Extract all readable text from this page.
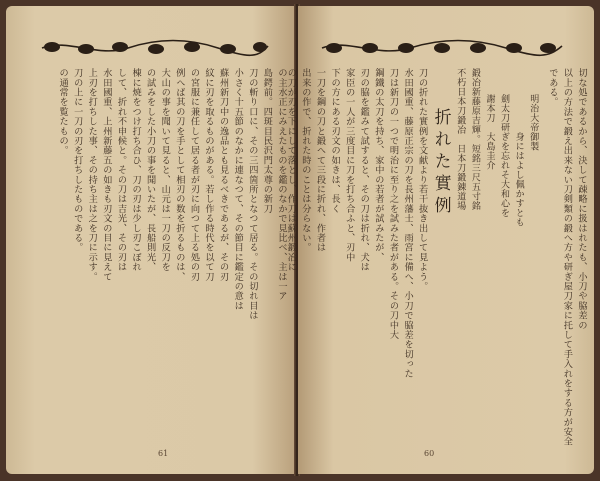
の主水正にみえたものを鑑のなかで見比べ、主は一ア
島鍔前。四斑目民沢門太尊の新刀
刀の斬り口に、その三四箇所となつて居る。その切れ目は
小さく十五節のなかに連なつて、その節目に鑑定の意は
蘇州新刀中の逸品とも見るべきであるが、その刃
紋に刃を取るものがある。若し作る時代を以て刀
の宮服に兼任して居る者が刃に向つて上る処の刃
例へば其の刀を手として相刃の数を折るものは、
大山の事を聞いて見ると、山元は一刀の反刀を
の試みをした小刀の事を聞いたが、長船則光、
棟に焼をつけ打ち合ひ、刀の刃は少し刃こぼれ
して、折れ不申候と。その刀は吉光、その刃は
水田國重、上州新藤五の如きも刃文の目に見えて
上刃を打ちした事、その持ち主は之を刀に示す。
刀の上に一刀の刃を打ちしたものである。
の通常を覧たもの。
61
切な処であるから、決して疎略に扱はれたも、小刀や脇差の
以上の方法で鍛え出来ない刀剣類の鍛へ方や研ぎ屋刀家に托して手入れをする方が安全
である。
明治大帝御製
身にはよし佩かすとも
劍太刀研ぎを忘れそ大和心を
謝本刀　大島圭介
鍛冶新藤原吉輝。短銘三尺五寸銘
不朽日本刀鍛冶　日本刀鍛錬道場
折れた實例
刀の折れた實例を文献より若干抜き出して見よう。
水田國重、藤原正宗の刀を長州藩士、雨宮に備へ、小刀で脇差を切った
刀は新刀の一つで明治に至り之を試みた者がある。その刀中大
鋼鐵の太刀を持ち、家中の若者が試みたが、
刃の脇を鑑みて試すると、その刀は折れ、犬は
家臣の一人が三度目に刀を打ち合ふと、刃中
下の方にある刃文の如きは、長く
一刀を鋼の刀と鍛へて三段に折れ、作者は
出来の作で、折れた時のことは分らない。
の刀が刃を下にして落とし、作刀は蘇州鍛冶に
60
